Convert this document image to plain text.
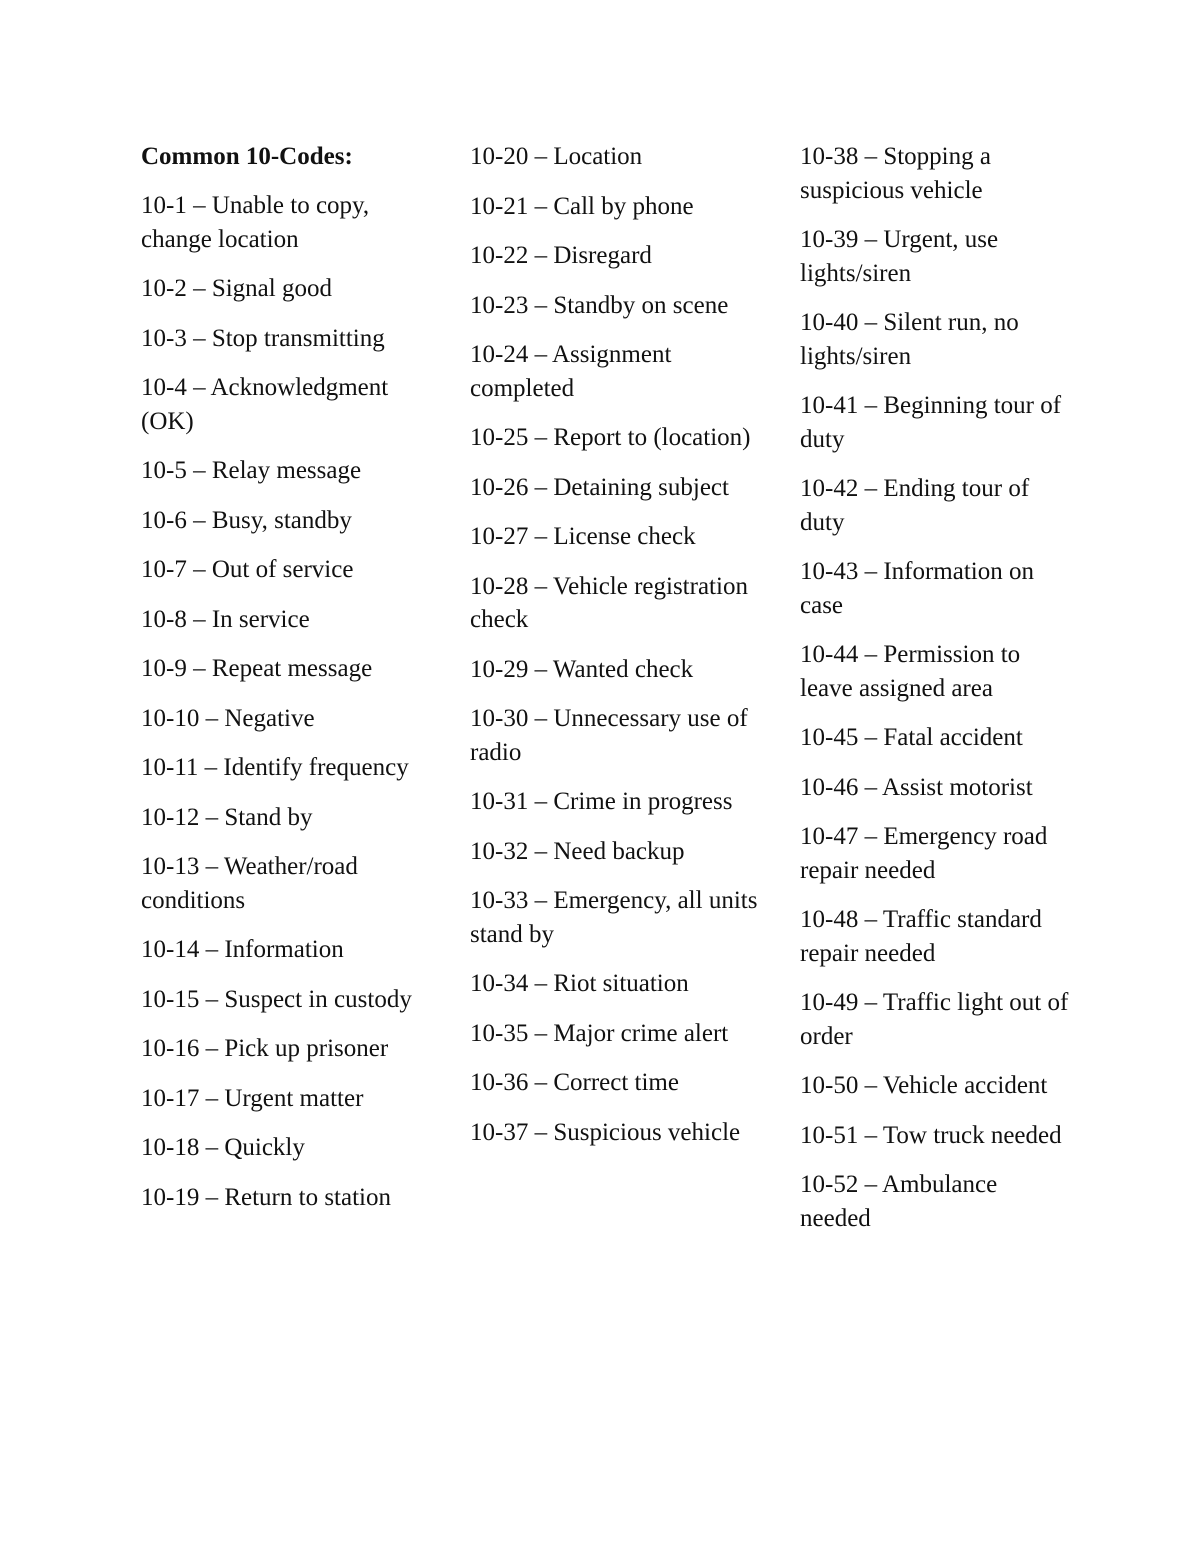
Common 10-Codes:
10-1 – Unable to copy, change location
10-2 – Signal good
10-3 – Stop transmitting
10-4 – Acknowledgment (OK)
10-5 – Relay message
10-6 – Busy, standby
10-7 – Out of service
10-8 – In service
10-9 – Repeat message
10-10 – Negative
10-11 – Identify frequency
10-12 – Stand by
10-13 – Weather/road conditions
10-14 – Information
10-15 – Suspect in custody
10-16 – Pick up prisoner
10-17 – Urgent matter
10-18 – Quickly
10-19 – Return to station
10-20 – Location
10-21 – Call by phone
10-22 – Disregard
10-23 – Standby on scene
10-24 – Assignment completed
10-25 – Report to (location)
10-26 – Detaining subject
10-27 – License check
10-28 – Vehicle registration check
10-29 – Wanted check
10-30 – Unnecessary use of radio
10-31 – Crime in progress
10-32 – Need backup
10-33 – Emergency, all units stand by
10-34 – Riot situation
10-35 – Major crime alert
10-36 – Correct time
10-37 – Suspicious vehicle
10-38 – Stopping a suspicious vehicle
10-39 – Urgent, use lights/siren
10-40 – Silent run, no lights/siren
10-41 – Beginning tour of duty
10-42 – Ending tour of duty
10-43 – Information on case
10-44 – Permission to leave assigned area
10-45 – Fatal accident
10-46 – Assist motorist
10-47 – Emergency road repair needed
10-48 – Traffic standard repair needed
10-49 – Traffic light out of order
10-50 – Vehicle accident
10-51 – Tow truck needed
10-52 – Ambulance needed
